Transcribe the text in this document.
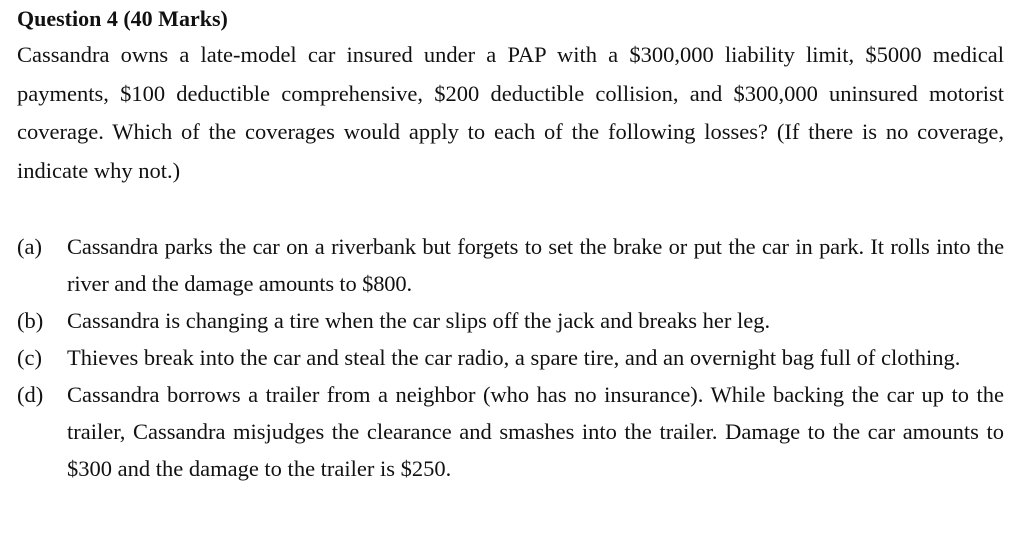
Question 4 (40 Marks)

Cassandra owns a late-model car insured under a PAP with a $300,000 liability limit, $5000 medical payments, $100 deductible comprehensive, $200 deductible collision, and $300,000 uninsured motorist coverage. Which of the coverages would apply to each of the following losses? (If there is no coverage, indicate why not.)

(a)	Cassandra parks the car on a riverbank but forgets to set the brake or put the car in park. It rolls into the river and the damage amounts to $800.
(b)	Cassandra is changing a tire when the car slips off the jack and breaks her leg.
(c)	Thieves break into the car and steal the car radio, a spare tire, and an overnight bag full of clothing.
(d)	Cassandra borrows a trailer from a neighbor (who has no insurance). While backing the car up to the trailer, Cassandra misjudges the clearance and smashes into the trailer. Damage to the car amounts to $300 and the damage to the trailer is $250.
